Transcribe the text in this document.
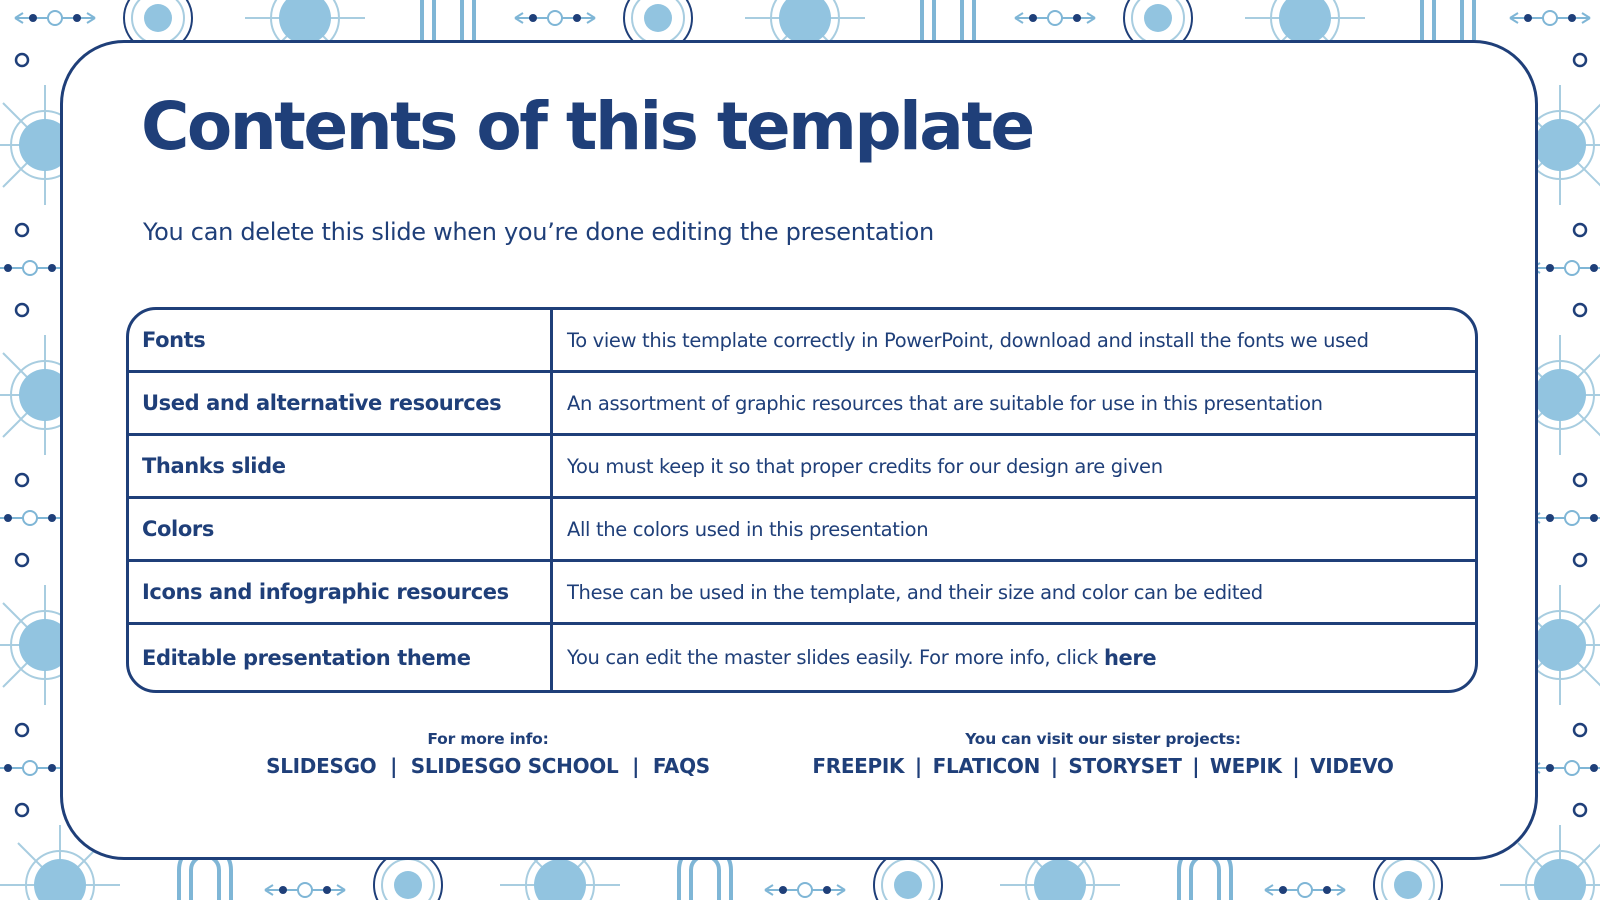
Contents of this template

You can delete this slide when you’re done editing the presentation

Fonts	To view this template correctly in PowerPoint, download and install the fonts we used
Used and alternative resources	An assortment of graphic resources that are suitable for use in this presentation
Thanks slide	You must keep it so that proper credits for our design are given
Colors	All the colors used in this presentation
Icons and infographic resources	These can be used in the template, and their size and color can be edited
Editable presentation theme	You can edit the master slides easily. For more info, click here
For more info:
SLIDESGO | SLIDESGO SCHOOL | FAQS
You can visit our sister projects:
FREEPIK | FLATICON | STORYSET | WEPIK | VIDEVO
